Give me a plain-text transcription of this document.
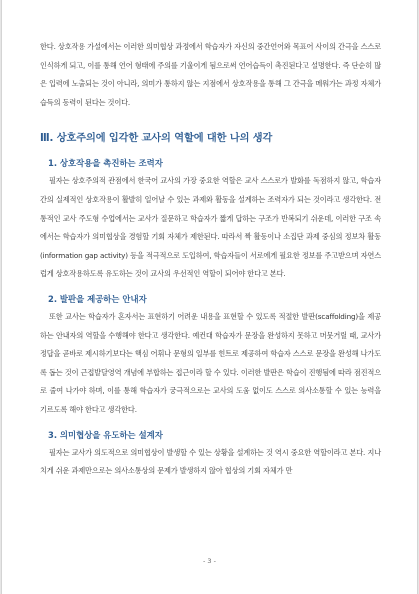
한다. 상호작용 가설에서는 이러한 의미협상 과정에서 학습자가 자신의 중간언어와 목표어 사이의 간극을 스스로 인식하게 되고, 이를 통해 언어 형태에 주의를 기울이게 됨으로써 언어습득이 촉진된다고 설명한다. 즉 단순히 많은 입력에 노출되는 것이 아니라, 의미가 통하지 않는 지점에서 상호작용을 통해 그 간극을 메워가는 과정 자체가 습득의 동력이 된다는 것이다.

Ⅲ. 상호주의에 입각한 교사의 역할에 대한 나의 생각
1. 상호작용을 촉진하는 조력자

필자는 상호주의적 관점에서 한국어 교사의 가장 중요한 역할은 교사 스스로가 발화를 독점하지 않고, 학습자 간의 실제적인 상호작용이 활발히 일어날 수 있는 과제와 활동을 설계하는 조력자가 되는 것이라고 생각한다. 전통적인 교사 주도형 수업에서는 교사가 질문하고 학습자가 짧게 답하는 구조가 반복되기 쉬운데, 이러한 구조 속에서는 학습자가 의미협상을 경험할 기회 자체가 제한된다. 따라서 짝 활동이나 소집단 과제 중심의 정보차 활동(information gap activity) 등을 적극적으로 도입하여, 학습자들이 서로에게 필요한 정보를 주고받으며 자연스럽게 상호작용하도록 유도하는 것이 교사의 우선적인 역할이 되어야 한다고 본다.

2. 발판을 제공하는 안내자

또한 교사는 학습자가 혼자서는 표현하기 어려운 내용을 표현할 수 있도록 적절한 발판(scaffolding)을 제공하는 안내자의 역할을 수행해야 한다고 생각한다. 예컨대 학습자가 문장을 완성하지 못하고 머뭇거릴 때, 교사가 정답을 곧바로 제시하기보다는 핵심 어휘나 문형의 일부를 힌트로 제공하여 학습자 스스로 문장을 완성해 나가도록 돕는 것이 근접발달영역 개념에 부합하는 접근이라 할 수 있다. 이러한 발판은 학습이 진행됨에 따라 점진적으로 줄여 나가야 하며, 이를 통해 학습자가 궁극적으로는 교사의 도움 없이도 스스로 의사소통할 수 있는 능력을 기르도록 해야 한다고 생각한다.

3. 의미협상을 유도하는 설계자

필자는 교사가 의도적으로 의미협상이 발생할 수 있는 상황을 설계하는 것 역시 중요한 역할이라고 본다. 지나치게 쉬운 과제만으로는 의사소통상의 문제가 발생하지 않아 협상의 기회 자체가 만

- 3 -
